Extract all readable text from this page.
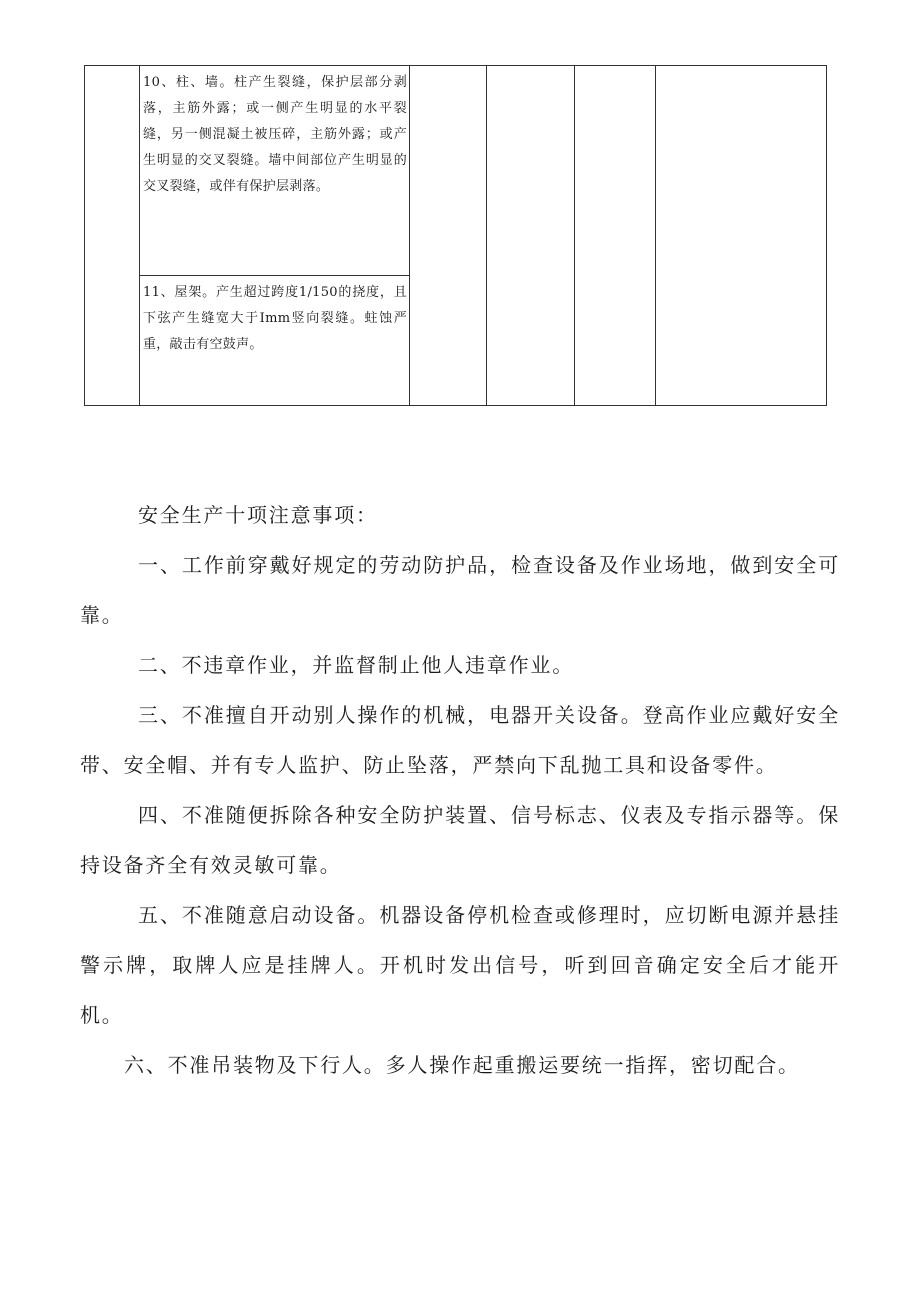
10、柱、墙。柱产生裂缝，保护层部分剥落，主筋外露；或一侧产生明显的水平裂缝，另一侧混凝土被压碎，主筋外露；或产生明显的交叉裂缝。墙中间部位产生明显的交叉裂缝，或伴有保护层剥落。

11、屋架。产生超过跨度1/150的挠度，且下弦产生缝宽大于Imm竖向裂缝。蛀蚀严重，敲击有空鼓声。

安全生产十项注意事项：

一、工作前穿戴好规定的劳动防护品，检查设备及作业场地，做到安全可靠。

二、不违章作业，并监督制止他人违章作业。

三、不准擅自开动别人操作的机械，电器开关设备。登高作业应戴好安全带、安全帽、并有专人监护、防止坠落，严禁向下乱抛工具和设备零件。

四、不准随便拆除各种安全防护装置、信号标志、仪表及专指示器等。保持设备齐全有效灵敏可靠。

五、不准随意启动设备。机器设备停机检查或修理时，应切断电源并悬挂警示牌，取牌人应是挂牌人。开机时发出信号，听到回音确定安全后才能开机。

六、不准吊装物及下行人。多人操作起重搬运要统一指挥，密切配合。
